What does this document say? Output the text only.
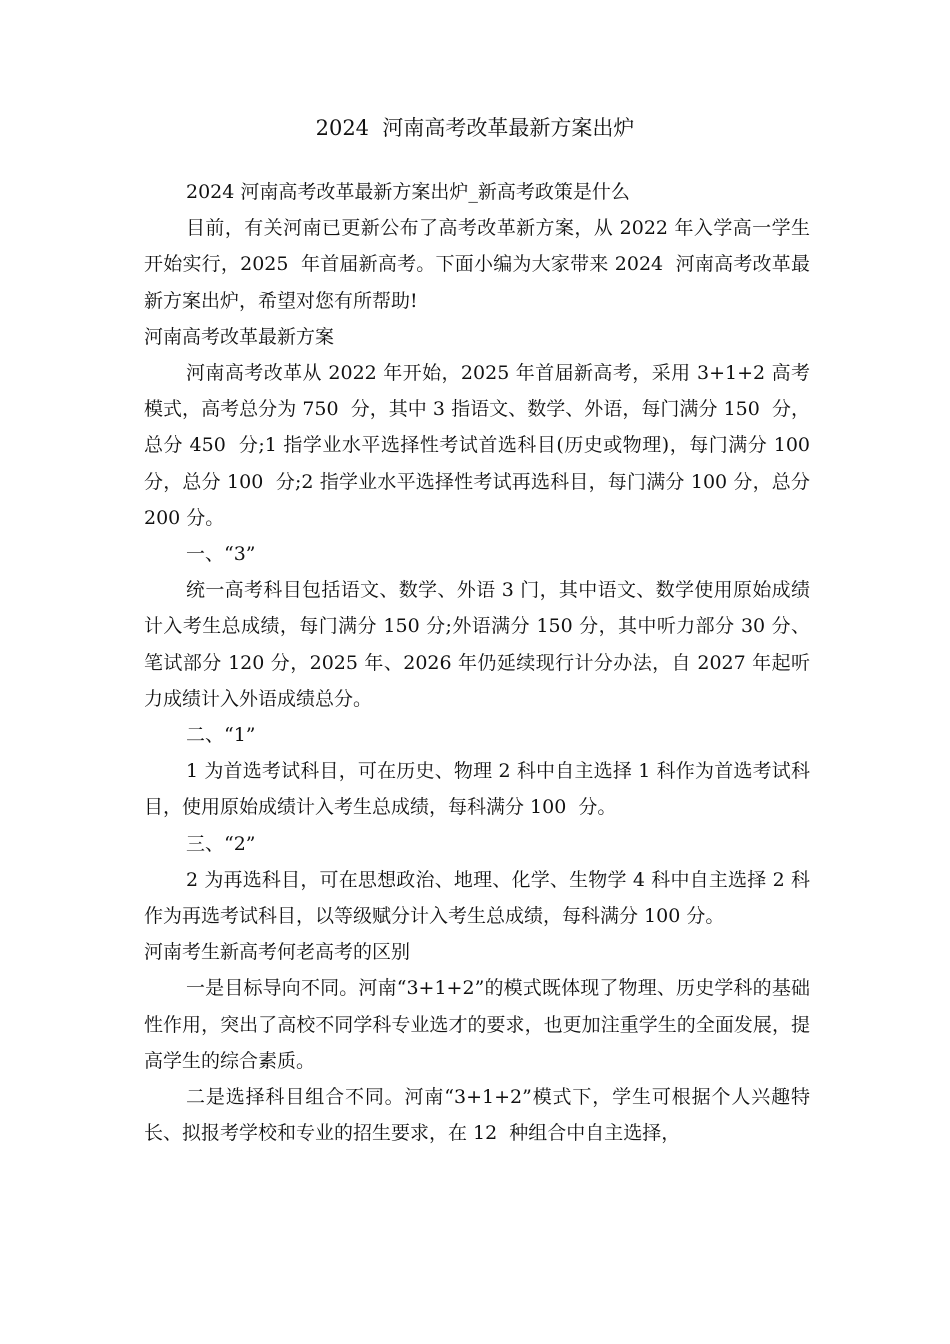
2024  河南高考改革最新方案出炉

2024 河南高考改革最新方案出炉_新高考政策是什么

目前，有关河南已更新公布了高考改革新方案，从 2022 年入学高一学生开始实行，2025  年首届新高考。下面小编为大家带来 2024  河南高考改革最新方案出炉，希望对您有所帮助!

河南高考改革最新方案

河南高考改革从 2022 年开始，2025 年首届新高考，采用 3+1+2 高考模式，高考总分为 750  分，其中 3 指语文、数学、外语，每门满分 150  分，总分 450  分;1 指学业水平选择性考试首选科目(历史或物理)，每门满分 100  分，总分 100  分;2 指学业水平选择性考试再选科目，每门满分 100 分，总分 200 分。

一、“3”

统一高考科目包括语文、数学、外语 3 门，其中语文、数学使用原始成绩计入考生总成绩，每门满分 150 分;外语满分 150 分，其中听力部分 30 分、笔试部分 120 分，2025 年、2026 年仍延续现行计分办法，自 2027 年起听力成绩计入外语成绩总分。

二、“1”

1 为首选考试科目，可在历史、物理 2 科中自主选择 1 科作为首选考试科目，使用原始成绩计入考生总成绩，每科满分 100  分。

三、“2”

2 为再选科目，可在思想政治、地理、化学、生物学 4 科中自主选择 2 科作为再选考试科目，以等级赋分计入考生总成绩，每科满分 100 分。

河南考生新高考何老高考的区别

一是目标导向不同。河南“3+1+2”的模式既体现了物理、历史学科的基础性作用，突出了高校不同学科专业选才的要求，也更加注重学生的全面发展，提高学生的综合素质。

二是选择科目组合不同。河南“3+1+2”模式下，学生可根据个人兴趣特长、拟报考学校和专业的招生要求，在 12  种组合中自主选择，
